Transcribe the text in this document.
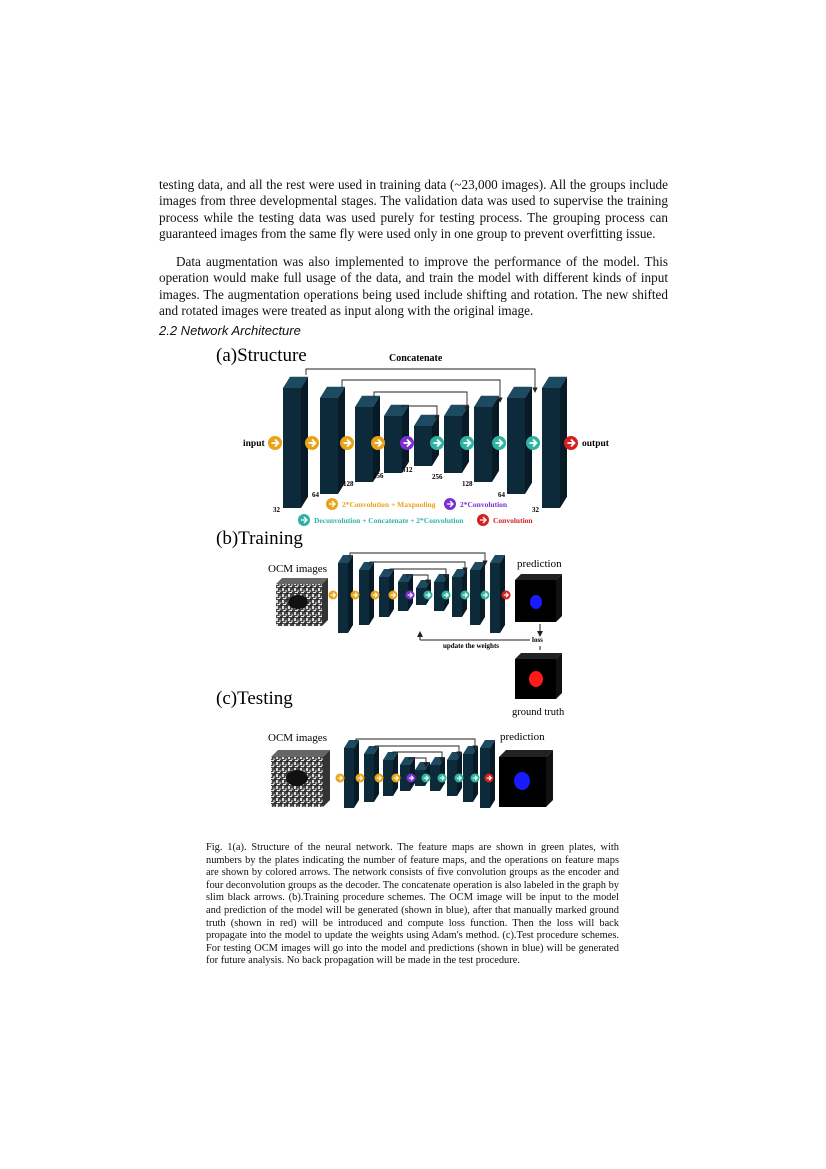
testing data, and all the rest were used in training data (~23,000 images). All the groups include images from three developmental stages. The validation data was used to supervise the training process while the testing data was used purely for testing process. The grouping process can guaranteed images from the same fly were used only in one group to prevent overfitting issue.

Data augmentation was also implemented to improve the performance of the model. This operation would make full usage of the data, and train the model with different kinds of input images. The augmentation operations being used include shifting and rotation. The new shifted and rotated images were treated as input along with the original image.

2.2 Network Architecture
(a)Structure	Concatenate
input	output
32
64
128
256
512
256
128
64
32
2*Convolution + Maxpooling	2*Convolution
Deconvolution + Concatenate + 2*Convolution	Convolution
(b)Training
OCM images	prediction
loss
update the weights
ground truth
(c)Testing
OCM images	prediction

Fig. 1(a). Structure of the neural network. The feature maps are shown in green plates, with numbers by the plates indicating the number of feature maps, and the operations on feature maps are shown by colored arrows. The network consists of five convolution groups as the encoder and four deconvolution groups as the decoder. The concatenate operation is also labeled in the graph by slim black arrows. (b).Training procedure schemes. The OCM image will be input to the model and prediction of the model will be generated (shown in blue), after that manually marked ground truth (shown in red) will be introduced and compute loss function. Then the loss will back propagate into the model to update the weights using Adam's method. (c).Test procedure schemes. For testing OCM images will go into the model and predictions (shown in blue) will be generated for future analysis. No back propagation will be made in the test procedure.
